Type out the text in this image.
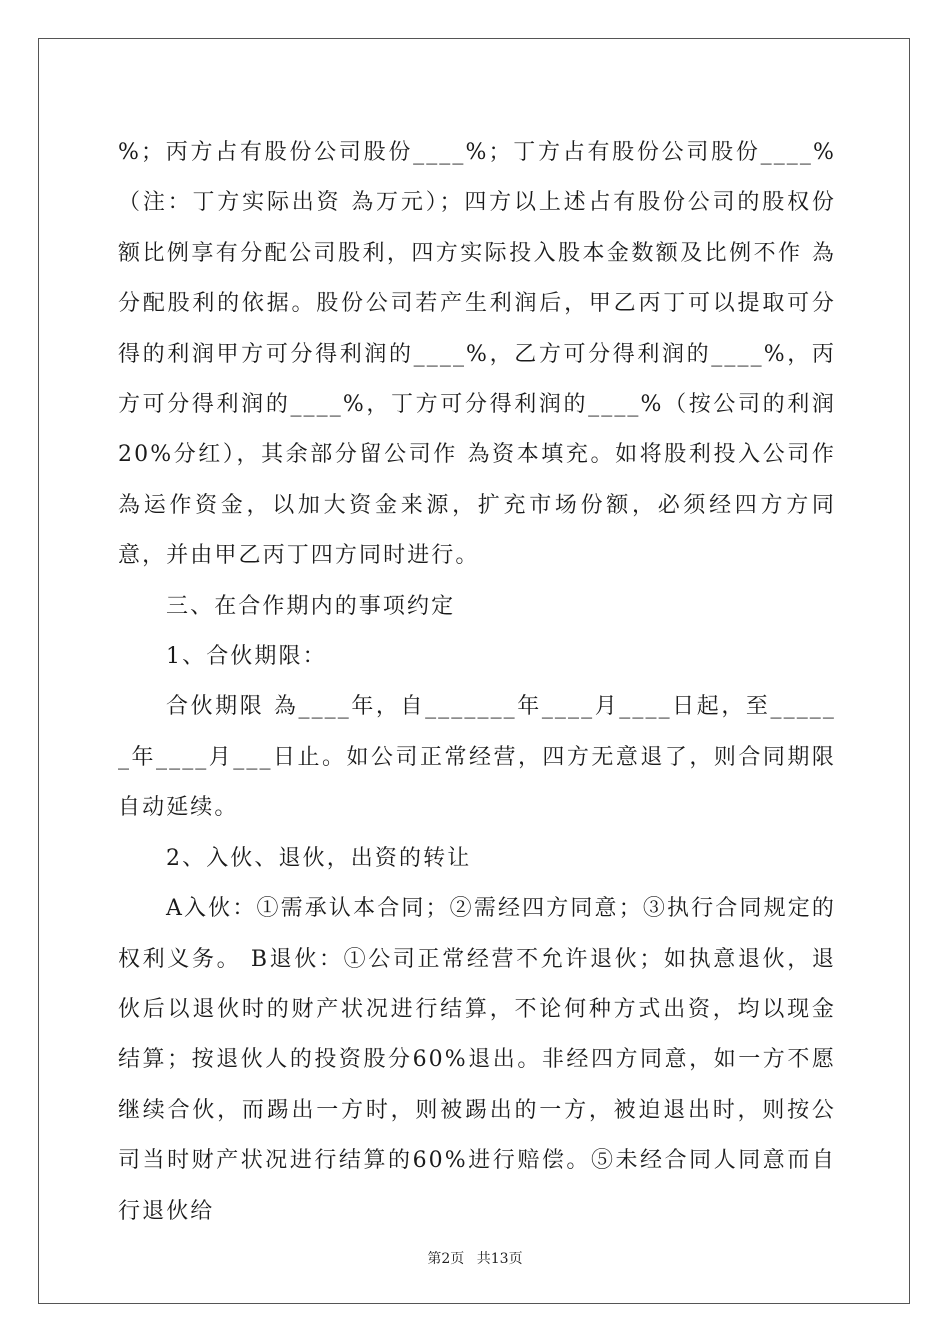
%；丙方占有股份公司股份____%；丁方占有股份公司股份____%（注：丁方实际出资 為万元）；四方以上述占有股份公司的股权份额比例享有分配公司股利，四方实际投入股本金数额及比例不作 為分配股利的依据。股份公司若产生利润后，甲乙丙丁可以提取可分得的利润甲方可分得利润的____%，乙方可分得利润的____%，丙方可分得利润的____%，丁方可分得利润的____%（按公司的利润20%分红），其余部分留公司作 為资本填充。如将股利投入公司作 為运作资金，以加大资金来源，扩充市场份额，必须经四方方同意，并由甲乙丙丁四方同时进行。

三、在合作期内的事项约定

1、合伙期限：

合伙期限 為____年，自_______年____月____日起，至______年____月___日止。如公司正常经营，四方无意退了，则合同期限自动延续。

2、入伙、退伙，出资的转让

A入伙：①需承认本合同；②需经四方同意；③执行合同规定的权利义务。 B退伙：①公司正常经营不允许退伙；如执意退伙，退伙后以退伙时的财产状况进行结算，不论何种方式出资，均以现金结算；按退伙人的投资股分60%退出。非经四方同意，如一方不愿继续合伙，而踢出一方时，则被踢出的一方，被迫退出时，则按公司当时财产状况进行结算的60%进行赔偿。⑤未经合同人同意而自行退伙给

第2页 共13页
